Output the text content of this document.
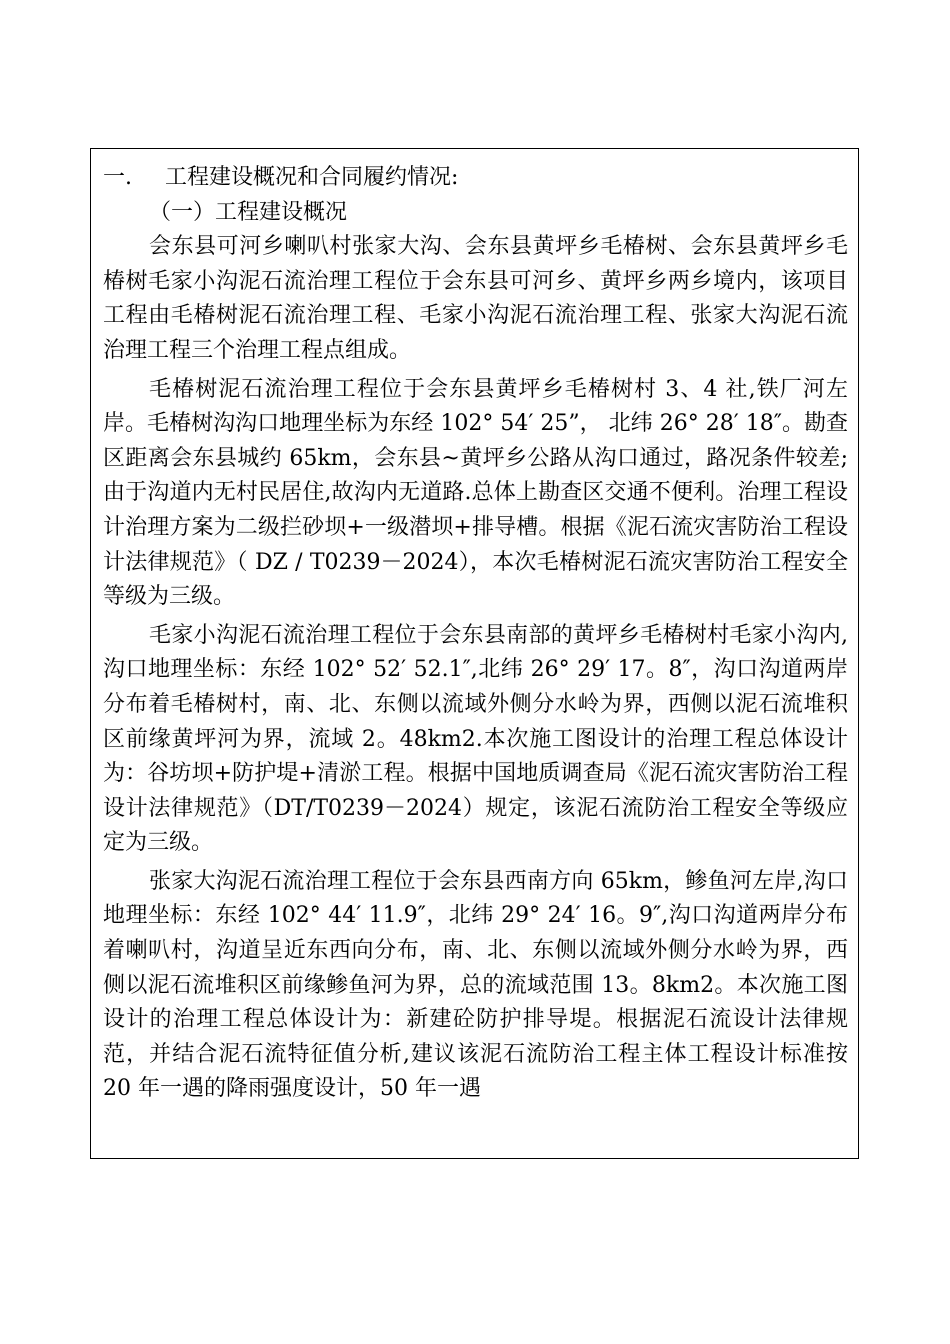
一. 工程建设概况和合同履约情况:

（一）工程建设概况

会东县可河乡喇叭村张家大沟、会东县黄坪乡毛椿树、会东县黄坪乡毛椿树毛家小沟泥石流治理工程位于会东县可河乡、黄坪乡两乡境内，该项目工程由毛椿树泥石流治理工程、毛家小沟泥石流治理工程、张家大沟泥石流治理工程三个治理工程点组成。

毛椿树泥石流治理工程位于会东县黄坪乡毛椿树村 3、4 社,铁厂河左岸。毛椿树沟沟口地理坐标为东经 102° 54′ 25”， 北纬 26° 28′ 18″。勘查区距离会东县城约 65km，会东县~黄坪乡公路从沟口通过，路况条件较差;由于沟道内无村民居住,故沟内无道路.总体上勘查区交通不便利。治理工程设计治理方案为二级拦砂坝+一级潜坝+排导槽。根据《泥石流灾害防治工程设计法律规范》（ DZ / T0239－2024），本次毛椿树泥石流灾害防治工程安全等级为三级。

毛家小沟泥石流治理工程位于会东县南部的黄坪乡毛椿树村毛家小沟内,沟口地理坐标：东经 102° 52′ 52.1″,北纬 26° 29′ 17。8″，沟口沟道两岸分布着毛椿树村，南、北、东侧以流域外侧分水岭为界，西侧以泥石流堆积区前缘黄坪河为界，流域 2。48km2.本次施工图设计的治理工程总体设计为：谷坊坝+防护堤+清淤工程。根据中国地质调查局《泥石流灾害防治工程设计法律规范》（DT/T0239－2024）规定，该泥石流防治工程安全等级应定为三级。

张家大沟泥石流治理工程位于会东县西南方向 65km，鲹鱼河左岸,沟口地理坐标：东经 102° 44′ 11.9″，北纬 29° 24′ 16。9″,沟口沟道两岸分布着喇叭村，沟道呈近东西向分布，南、北、东侧以流域外侧分水岭为界，西侧以泥石流堆积区前缘鲹鱼河为界，总的流域范围 13。8km2。本次施工图设计的治理工程总体设计为：新建砼防护排导堤。根据泥石流设计法律规范，并结合泥石流特征值分析,建议该泥石流防治工程主体工程设计标准按 20 年一遇的降雨强度设计，50 年一遇
